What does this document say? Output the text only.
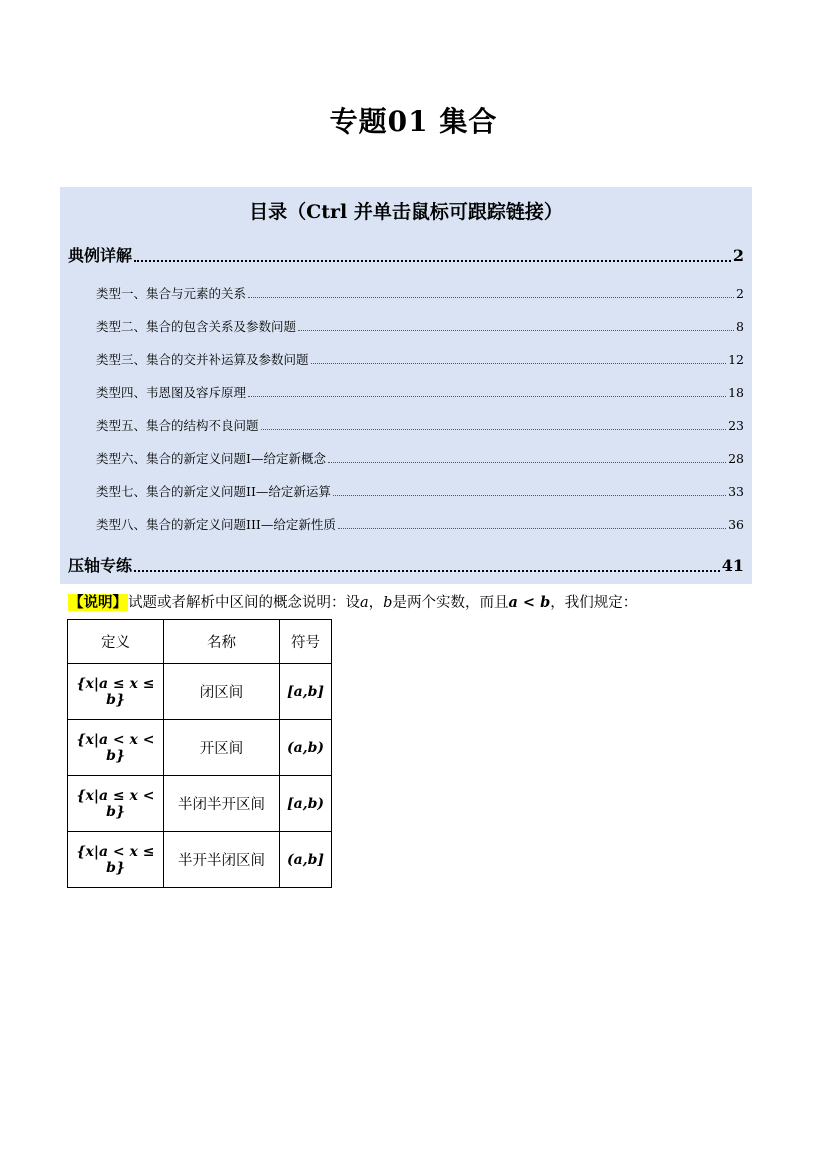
专题01 集合
目录（Ctrl 并单击鼠标可跟踪链接）
典例详解	2
类型一、集合与元素的关系	2
类型二、集合的包含关系及参数问题	8
类型三、集合的交并补运算及参数问题	12
类型四、韦恩图及容斥原理	18
类型五、集合的结构不良问题	23
类型六、集合的新定义问题I—给定新概念	28
类型七、集合的新定义问题II—给定新运算	33
类型八、集合的新定义问题III—给定新性质	36
压轴专练	41
【说明】试题或者解析中区间的概念说明：设a，b是两个实数，而且a < b，我们规定：
定义	名称	符号
{x|a ≤ x ≤ b}	闭区间	[a,b]
{x|a < x < b}	开区间	(a,b)
{x|a ≤ x < b}	半闭半开区间	[a,b)
{x|a < x ≤ b}	半开半闭区间	(a,b]
